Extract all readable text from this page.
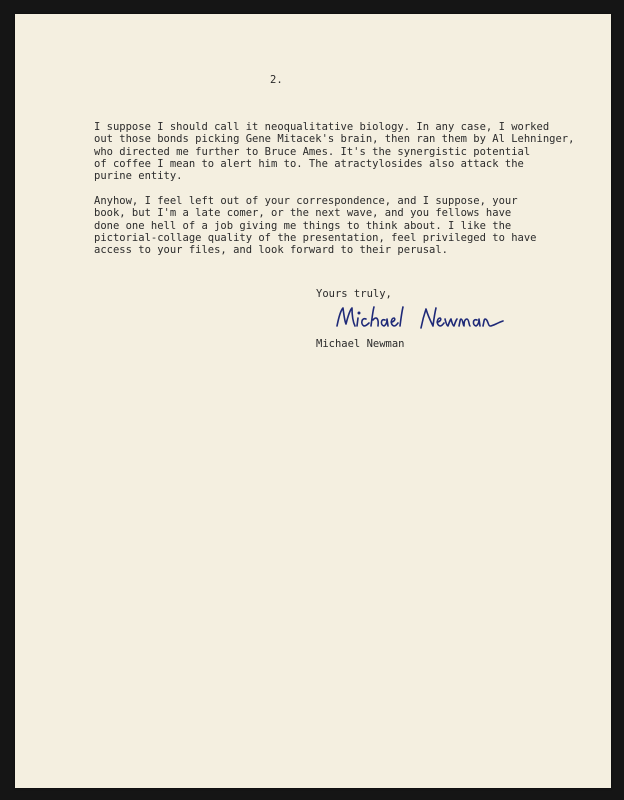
2.
I suppose I should call it neoqualitative biology. In any case, I worked
out those bonds picking Gene Mitacek's brain, then ran them by Al Lehninger,
who directed me further to Bruce Ames. It's the synergistic potential
of coffee I mean to alert him to. The atractylosides also attack the
purine entity.
Anyhow, I feel left out of your correspondence, and I suppose, your
book, but I'm a late comer, or the next wave, and you fellows have
done one hell of a job giving me things to think about. I like the
pictorial-collage quality of the presentation, feel privileged to have
access to your files, and look forward to their perusal.
Yours truly,
Michael Newman
